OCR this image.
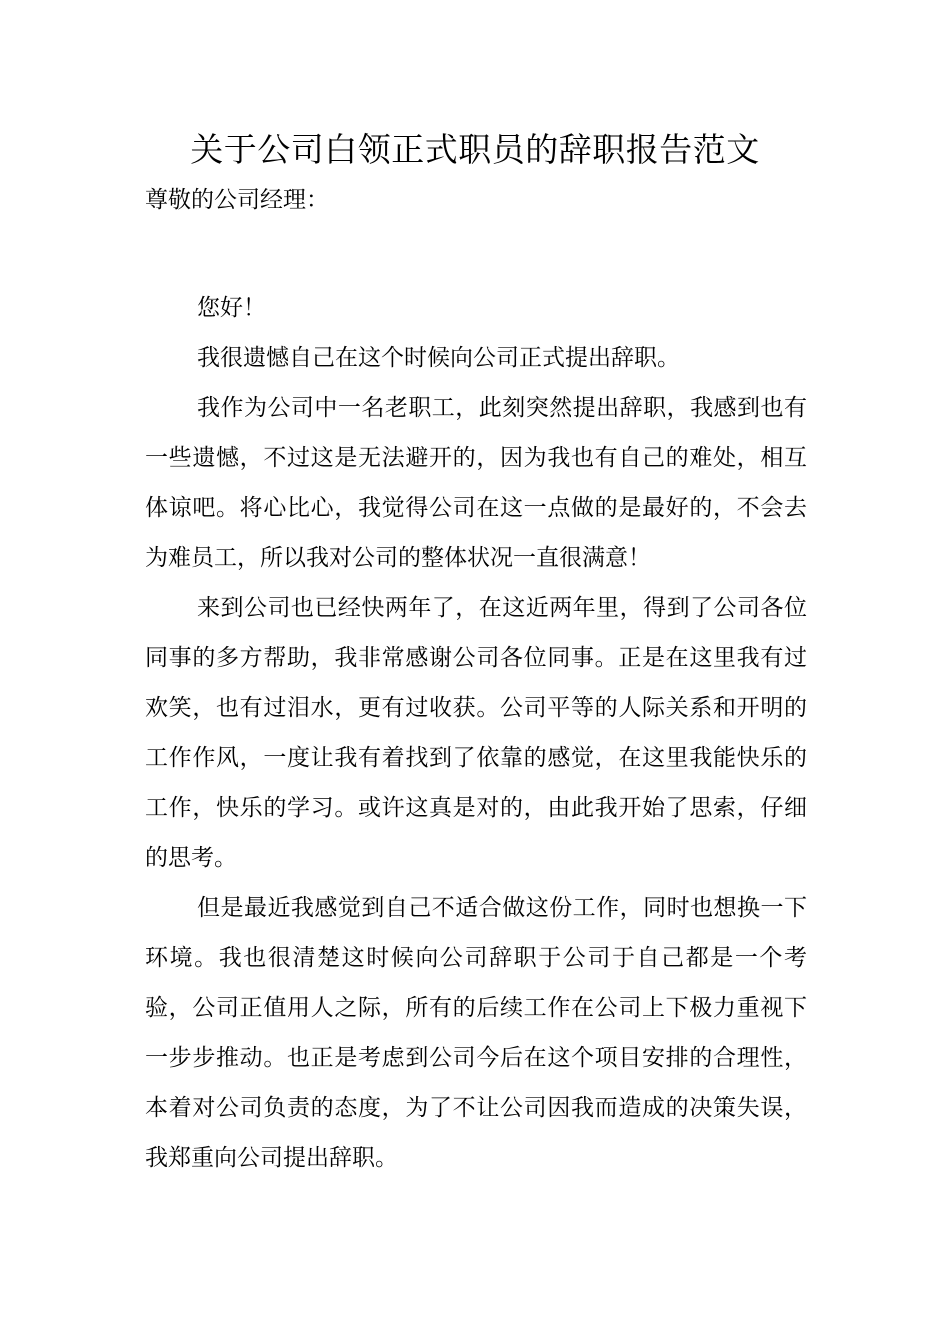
关于公司白领正式职员的辞职报告范文
尊敬的公司经理：

您好！

我很遗憾自己在这个时候向公司正式提出辞职。

我作为公司中一名老职工，此刻突然提出辞职，我感到也有一些遗憾，不过这是无法避开的，因为我也有自己的难处，相互体谅吧。将心比心，我觉得公司在这一点做的是最好的，不会去为难员工，所以我对公司的整体状况一直很满意！

来到公司也已经快两年了，在这近两年里，得到了公司各位同事的多方帮助，我非常感谢公司各位同事。正是在这里我有过欢笑，也有过泪水，更有过收获。公司平等的人际关系和开明的工作作风，一度让我有着找到了依靠的感觉，在这里我能快乐的工作，快乐的学习。或许这真是对的，由此我开始了思索，仔细的思考。

但是最近我感觉到自己不适合做这份工作，同时也想换一下环境。我也很清楚这时候向公司辞职于公司于自己都是一个考验，公司正值用人之际，所有的后续工作在公司上下极力重视下一步步推动。也正是考虑到公司今后在这个项目安排的合理性，本着对公司负责的态度，为了不让公司因我而造成的决策失误，我郑重向公司提出辞职。
